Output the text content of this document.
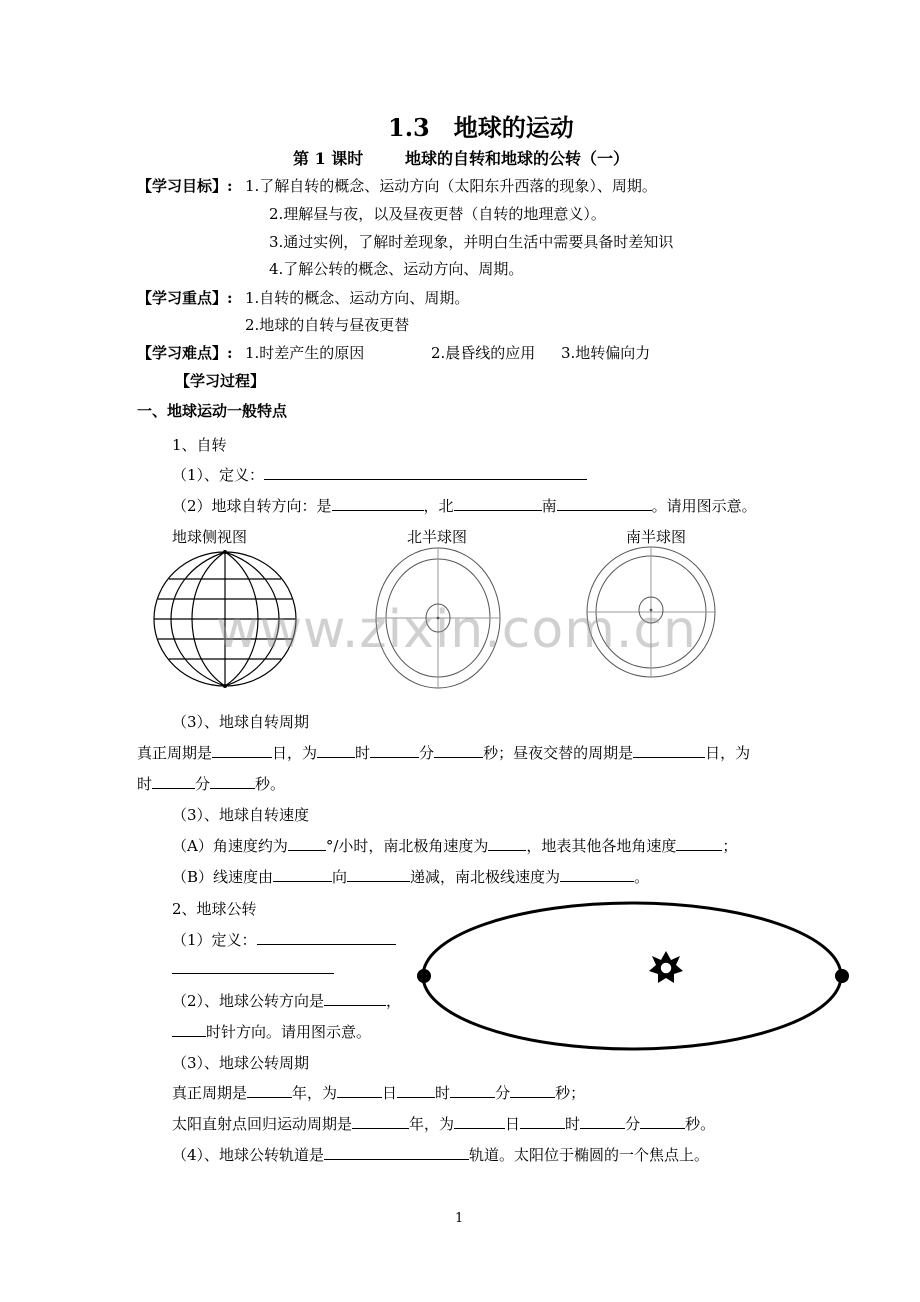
1.3　地球的运动
第 1 课时	地球的自转和地球的公转（一）
【学习目标】: 1.了解自转的概念、运动方向（太阳东升西落的现象）、周期。
2.理解昼与夜，以及昼夜更替（自转的地理意义）。
3.通过实例，了解时差现象，并明白生活中需要具备时差知识
4.了解公转的概念、运动方向、周期。
【学习重点】: 1.自转的概念、运动方向、周期。
2.地球的自转与昼夜更替
【学习难点】: 1.时差产生的原因	2.晨昏线的应用 3.地转偏向力
【学习过程】
一、地球运动一般特点
1、自转
（1）、定义：
（2）地球自转方向：是	，北	南	。请用图示意。
地球侧视图	北半球图	南半球图
www.zixin.com.cn
（3）、地球自转周期
真正周期是	日，为	时	分	秒；昼夜交替的周期是	日，为
时	分	秒。
（3）、地球自转速度
（A）角速度约为	°/小时，南北极角速度为	，地表其他各地角速度	；
（B）线速度由	向	递减，南北极线速度为	。
2、地球公转
（1）定义：
（2）、地球公转方向是	，
时针方向。请用图示意。
（3）、地球公转周期
真正周期是	年，为	日	时	分	秒；
太阳直射点回归运动周期是	年，为	日	时	分	秒。
（4）、地球公转轨道是	轨道。太阳位于椭圆的一个焦点上。
1
